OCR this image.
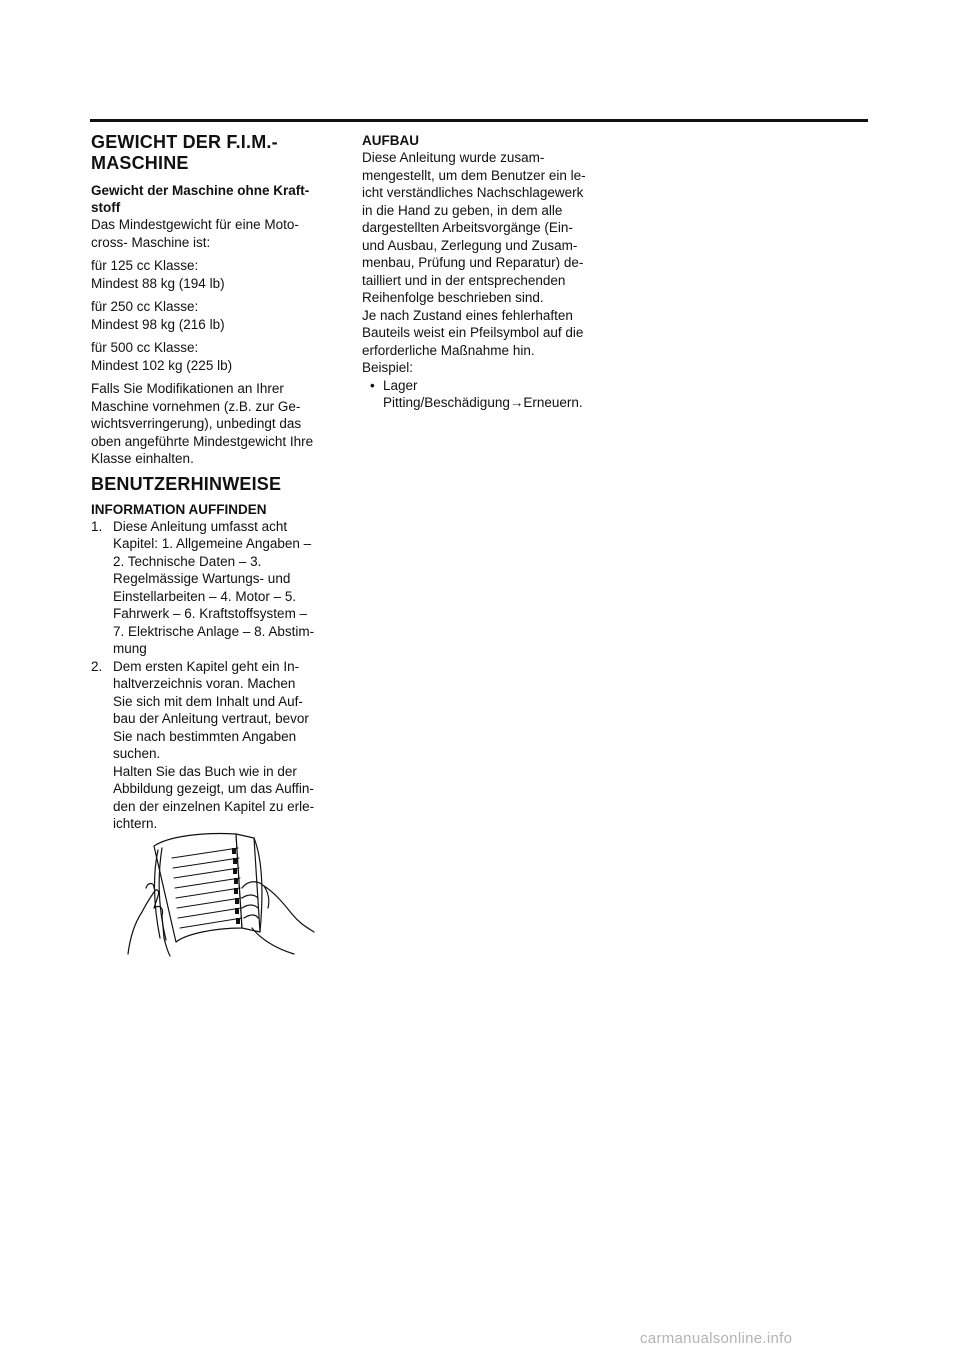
GEWICHT DER F.I.M.-
MASCHINE
Gewicht der Maschine ohne Kraft-
stoff
Das Mindestgewicht für eine Moto-
cross- Maschine ist:
für 125 cc Klasse:
Mindest 88 kg (194 lb)
für 250 cc Klasse:
Mindest 98 kg (216 lb)
für 500 cc Klasse:
Mindest 102 kg (225 lb)
Falls Sie Modifikationen an Ihrer
Maschine vornehmen (z.B. zur Ge-
wichtsverringerung), unbedingt das
oben angeführte Mindestgewicht Ihre
Klasse einhalten.
BENUTZERHINWEISE
INFORMATION AUFFINDEN
1. Diese Anleitung umfasst acht
Kapitel: 1. Allgemeine Angaben –
2. Technische Daten – 3.
Regelmässige Wartungs- und
Einstellarbeiten – 4. Motor – 5.
Fahrwerk – 6. Kraftstoffsystem –
7. Elektrische Anlage – 8. Abstim-
mung
2. Dem ersten Kapitel geht ein In-
haltverzeichnis voran. Machen
Sie sich mit dem Inhalt und Auf-
bau der Anleitung vertraut, bevor
Sie nach bestimmten Angaben
suchen.
Halten Sie das Buch wie in der
Abbildung gezeigt, um das Auffin-
den der einzelnen Kapitel zu erle-
ichtern.
AUFBAU
Diese Anleitung wurde zusam-
mengestellt, um dem Benutzer ein le-
icht verständliches Nachschlagewerk
in die Hand zu geben, in dem alle
dargestellten Arbeitsvorgänge (Ein-
und Ausbau, Zerlegung und Zusam-
menbau, Prüfung und Reparatur) de-
tailliert und in der entsprechenden
Reihenfolge beschrieben sind.
Je nach Zustand eines fehlerhaften
Bauteils weist ein Pfeilsymbol auf die
erforderliche Maßnahme hin.
Beispiel:
• Lager
Pitting/Beschädigung→Erneuern.
carmanualsonline.info
